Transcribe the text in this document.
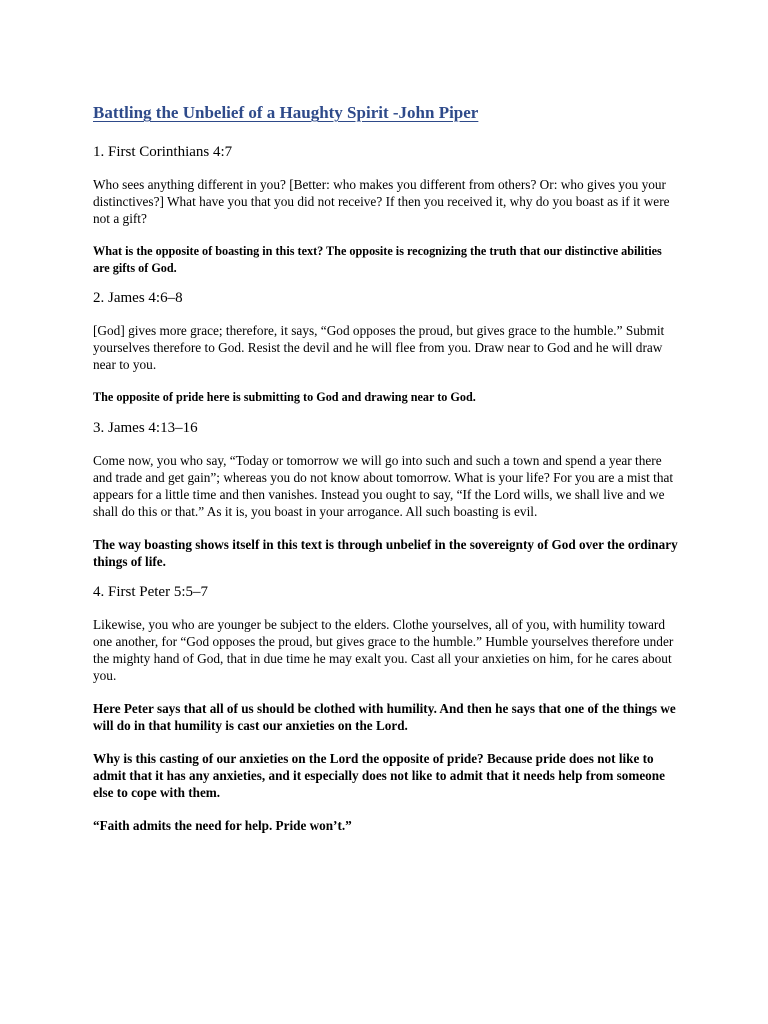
Battling the Unbelief of a Haughty Spirit -John Piper
1. First Corinthians 4:7

Who sees anything different in you? [Better: who makes you different from others? Or: who gives you your distinctives?] What have you that you did not receive? If then you received it, why do you boast as if it were not a gift?

What is the opposite of boasting in this text? The opposite is recognizing the truth that our distinctive abilities are gifts of God.

2. James 4:6–8

[God] gives more grace; therefore, it says, “God opposes the proud, but gives grace to the humble.” Submit yourselves therefore to God. Resist the devil and he will flee from you. Draw near to God and he will draw near to you.

The opposite of pride here is submitting to God and drawing near to God.

3. James 4:13–16

Come now, you who say, “Today or tomorrow we will go into such and such a town and spend a year there and trade and get gain”; whereas you do not know about tomorrow. What is your life? For you are a mist that appears for a little time and then vanishes. Instead you ought to say, “If the Lord wills, we shall live and we shall do this or that.” As it is, you boast in your arrogance. All such boasting is evil.

The way boasting shows itself in this text is through unbelief in the sovereignty of God over the ordinary things of life.

4. First Peter 5:5–7

Likewise, you who are younger be subject to the elders. Clothe yourselves, all of you, with humility toward one another, for “God opposes the proud, but gives grace to the humble.” Humble yourselves therefore under the mighty hand of God, that in due time he may exalt you. Cast all your anxieties on him, for he cares about you.

Here Peter says that all of us should be clothed with humility. And then he says that one of the things we will do in that humility is cast our anxieties on the Lord.

Why is this casting of our anxieties on the Lord the opposite of pride? Because pride does not like to admit that it has any anxieties, and it especially does not like to admit that it needs help from someone else to cope with them.

“Faith admits the need for help. Pride won’t.”
